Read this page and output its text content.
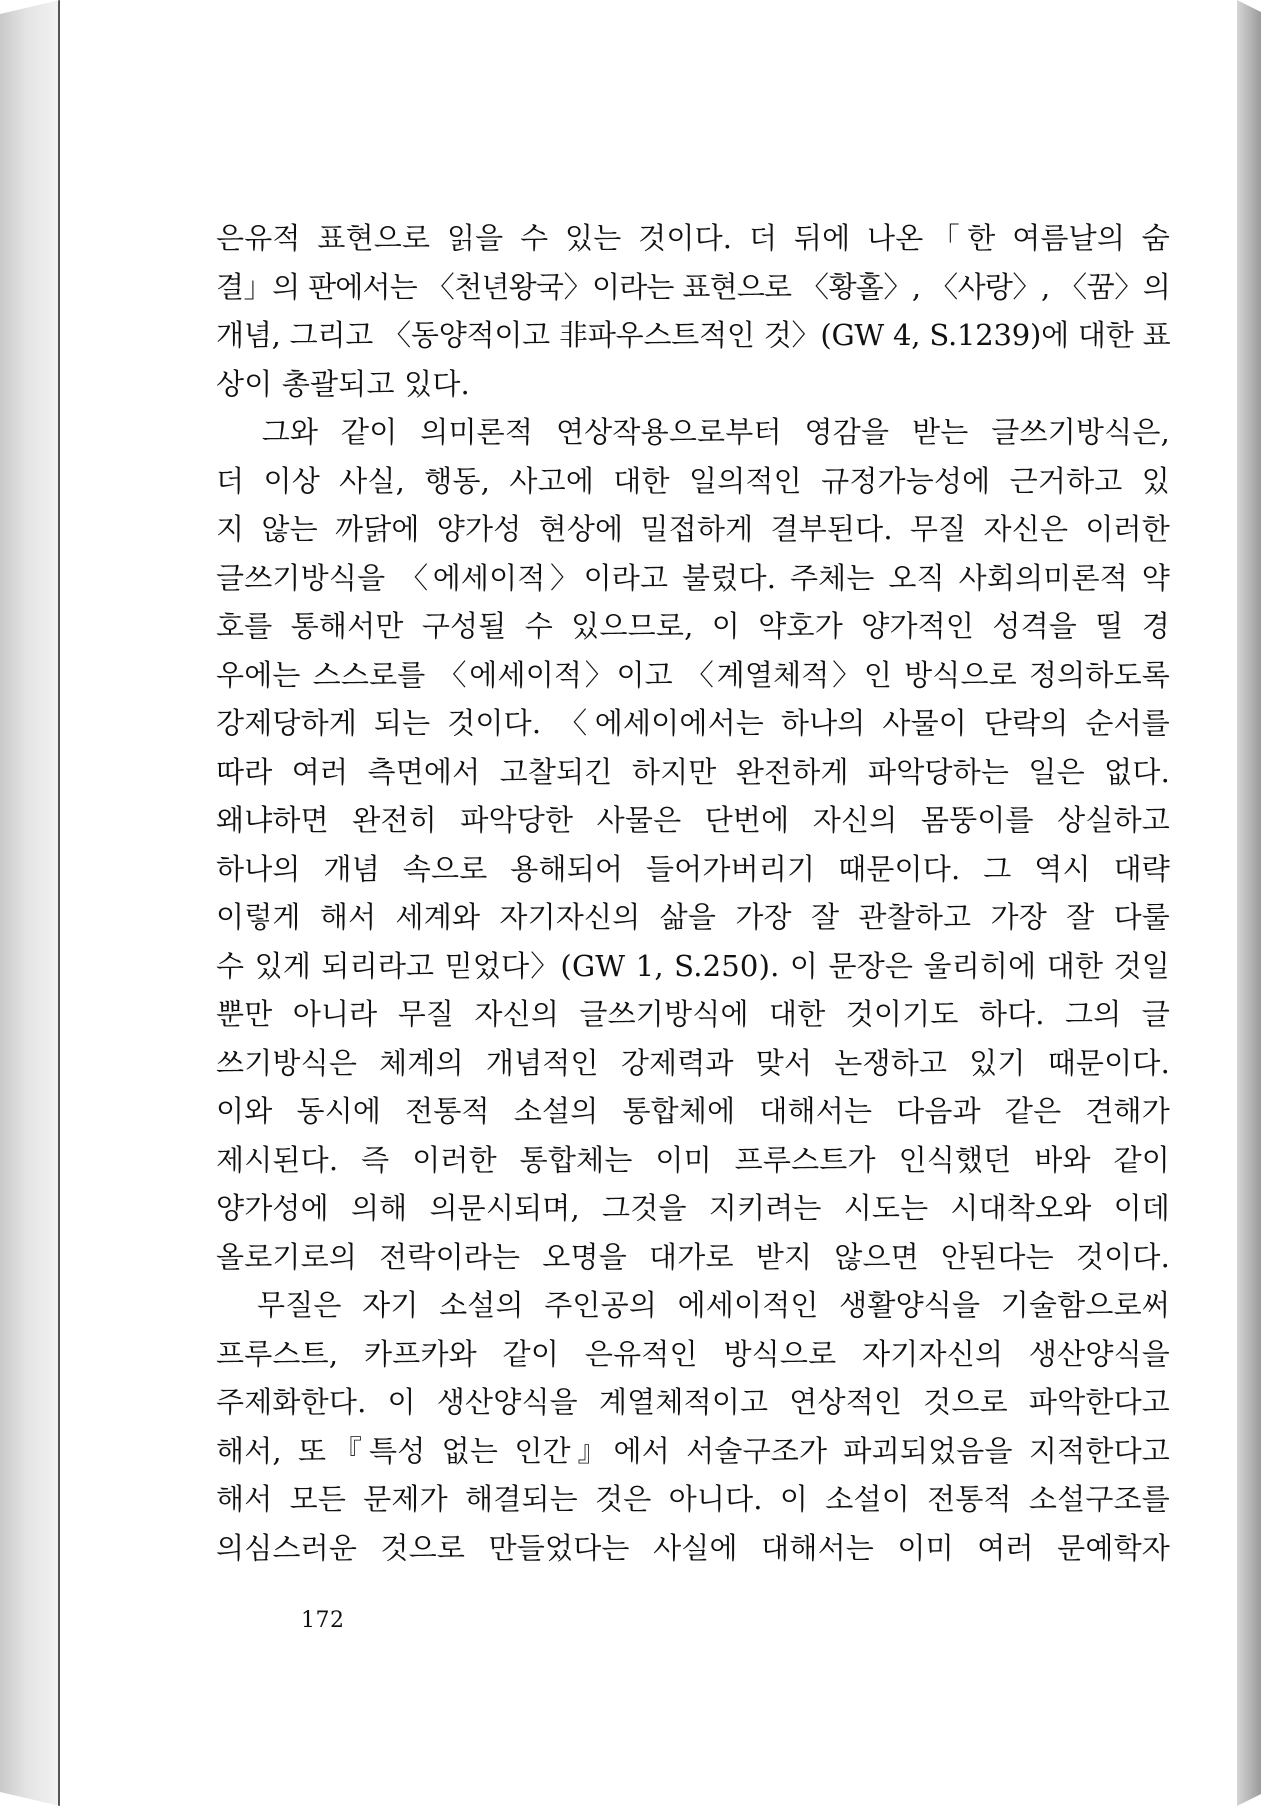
은유적 표현으로 읽을 수 있는 것이다. 더 뒤에 나온「한 여름날의 숨
결」의 판에서는 〈천년왕국〉이라는 표현으로 〈황홀〉, 〈사랑〉, 〈꿈〉의
개념, 그리고 〈동양적이고 非파우스트적인 것〉(GW 4, S.1239)에 대한 표
상이 총괄되고 있다.
그와 같이 의미론적 연상작용으로부터 영감을 받는 글쓰기방식은,
더 이상 사실, 행동, 사고에 대한 일의적인 규정가능성에 근거하고 있
지 않는 까닭에 양가성 현상에 밀접하게 결부된다. 무질 자신은 이러한
글쓰기방식을 〈에세이적〉이라고 불렀다. 주체는 오직 사회의미론적 약
호를 통해서만 구성될 수 있으므로, 이 약호가 양가적인 성격을 띨 경
우에는 스스로를 〈에세이적〉이고 〈계열체적〉인 방식으로 정의하도록
강제당하게 되는 것이다. 〈에세이에서는 하나의 사물이 단락의 순서를
따라 여러 측면에서 고찰되긴 하지만 완전하게 파악당하는 일은 없다.
왜냐하면 완전히 파악당한 사물은 단번에 자신의 몸뚱이를 상실하고
하나의 개념 속으로 용해되어 들어가버리기 때문이다. 그 역시 대략
이렇게 해서 세계와 자기자신의 삶을 가장 잘 관찰하고 가장 잘 다룰
수 있게 되리라고 믿었다〉(GW 1, S.250). 이 문장은 울리히에 대한 것일
뿐만 아니라 무질 자신의 글쓰기방식에 대한 것이기도 하다. 그의 글
쓰기방식은 체계의 개념적인 강제력과 맞서 논쟁하고 있기 때문이다.
이와 동시에 전통적 소설의 통합체에 대해서는 다음과 같은 견해가
제시된다. 즉 이러한 통합체는 이미 프루스트가 인식했던 바와 같이
양가성에 의해 의문시되며, 그것을 지키려는 시도는 시대착오와 이데
올로기로의 전락이라는 오명을 대가로 받지 않으면 안된다는 것이다.
무질은 자기 소설의 주인공의 에세이적인 생활양식을 기술함으로써
프루스트, 카프카와 같이 은유적인 방식으로 자기자신의 생산양식을
주제화한다. 이 생산양식을 계열체적이고 연상적인 것으로 파악한다고
해서, 또『특성 없는 인간』에서 서술구조가 파괴되었음을 지적한다고
해서 모든 문제가 해결되는 것은 아니다. 이 소설이 전통적 소설구조를
의심스러운 것으로 만들었다는 사실에 대해서는 이미 여러 문예학자
172
